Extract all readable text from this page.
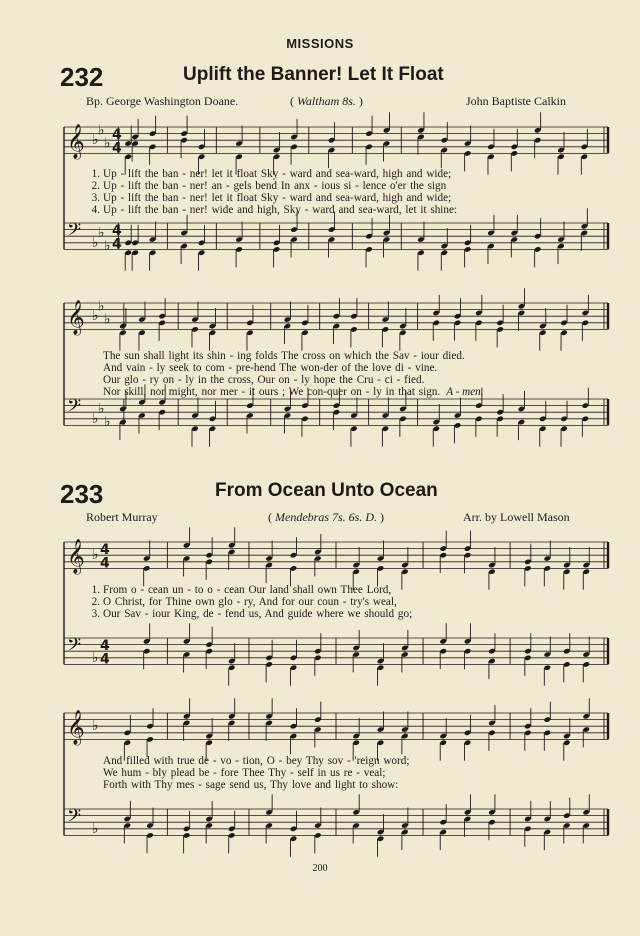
MISSIONS
232	Uplift the Banner! Let It Float
Bp. George Washington Doane.	( Waltham 8s. )	John Baptiste Calkin
𝄞 ♭
♭
♭
4
4
𝄢 ♭
♭
♭
4
4
1. Up - lift the ban - ner! let it float Sky - ward and sea-ward, high and wide;
2. Up - lift the ban - ner! an - gels bend In anx - ious si - lence o'er the sign
3. Up - lift the ban - ner! let it float Sky - ward and sea-ward, high and wide;
4. Up - lift the ban - ner! wide and high, Sky - ward and sea-ward, let it shine:
𝄞 ♭
♭
♭
𝄢 ♭
♭
♭
The sun shall light its shin - ing folds The cross on which the Sav - iour died.
And vain - ly seek to com - pre-hend The won-der of the love di - vine.
Our glo - ry on - ly in the cross, Our on - ly hope the Cru - ci - fied.
Nor skill, nor might, nor mer - it ours ; We con-quer on - ly in that sign. A - men.
233	From Ocean Unto Ocean
Robert Murray	( Mendebras 7s. 6s. D. )	Arr. by Lowell Mason
𝄞 ♭ 4
4
𝄢 ♭
4
4
1. From o - cean un - to o - cean Our land shall own Thee Lord,
2. O Christ, for Thine own glo - ry, And for our coun - try's weal,
3. Our Sav - iour King, de - fend us, And guide where we should go;
𝄞 ♭
𝄢 ♭
And filled with true de - vo - tion, O - bey Thy sov - 'reign word;
We hum - bly plead be - fore Thee Thy - self in us re - veal;
Forth with Thy mes - sage send us, Thy love and light to show:
200
